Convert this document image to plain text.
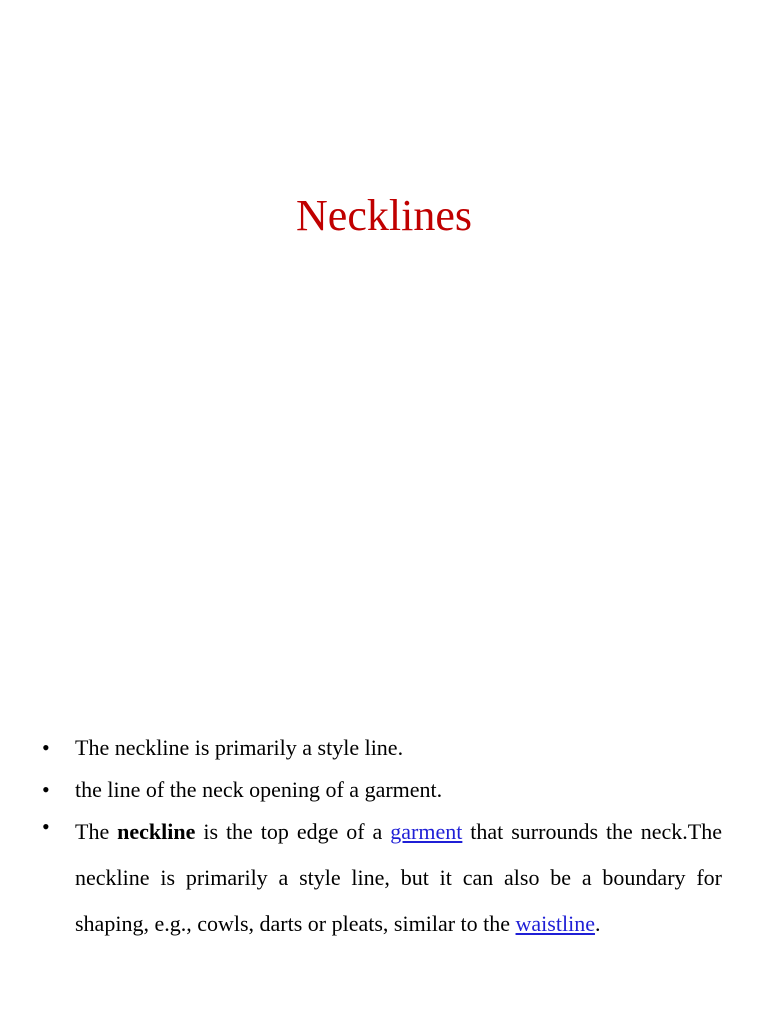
Necklines
•	The neckline is primarily a style line.
•	the line of the neck opening of a garment.
•	The neckline is the top edge of a garment that surrounds the neck.The neckline is primarily a style line, but it can also be a boundary for shaping, e.g., cowls, darts or pleats, similar to the waistline.
